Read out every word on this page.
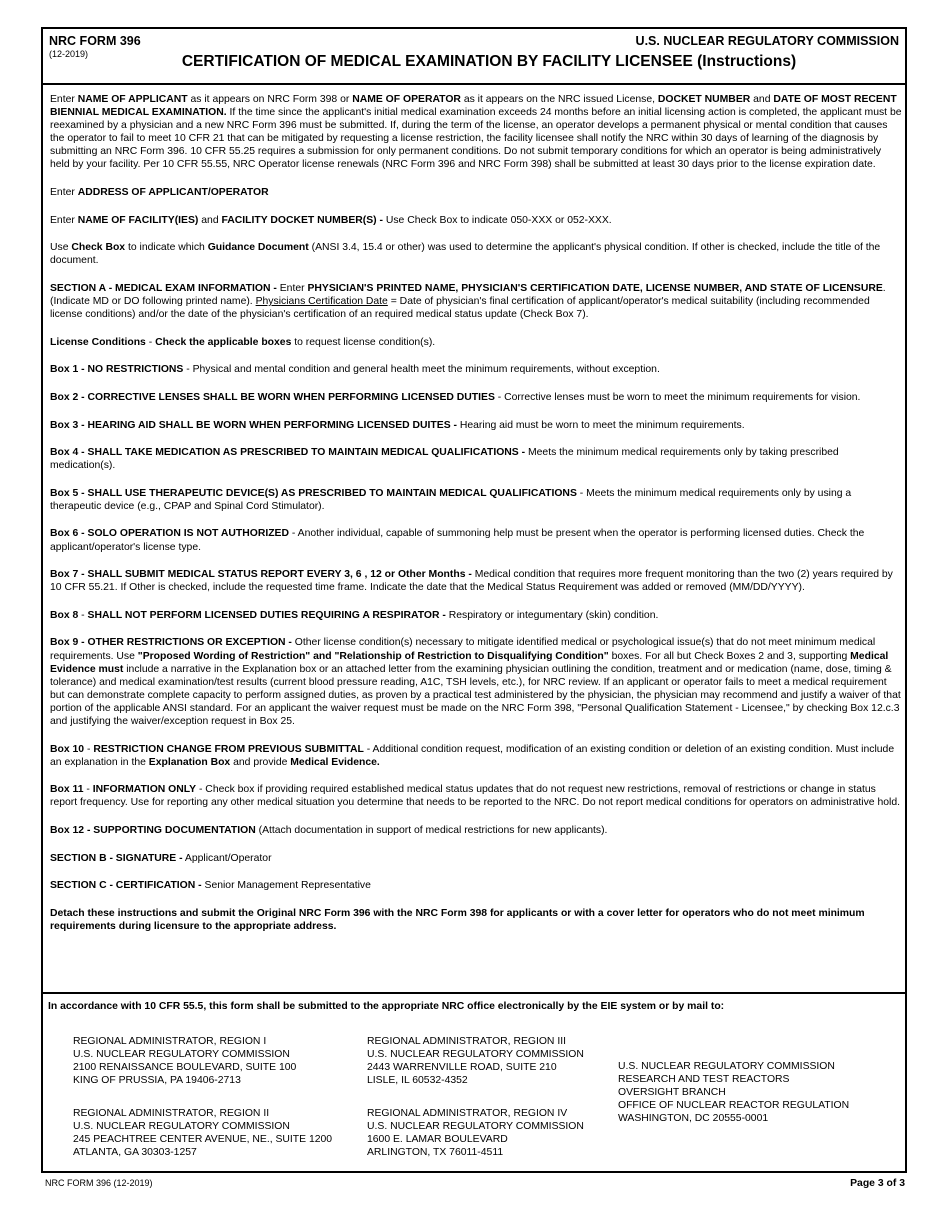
NRC FORM 396
(12-2019)
U.S. NUCLEAR REGULATORY COMMISSION
CERTIFICATION OF MEDICAL EXAMINATION BY FACILITY LICENSEE (Instructions)

Enter NAME OF APPLICANT as it appears on NRC Form 398 or NAME OF OPERATOR as it appears on the NRC issued License, DOCKET NUMBER and DATE OF MOST RECENT BIENNIAL MEDICAL EXAMINATION. If the time since the applicant's initial medical examination exceeds 24 months before an initial licensing action is completed, the applicant must be reexamined by a physician and a new NRC Form 396 must be submitted. If, during the term of the license, an operator develops a permanent physical or mental condition that causes the operator to fail to meet 10 CFR 21 that can be mitigated by requesting a license restriction, the facility licensee shall notify the NRC within 30 days of learning of the diagnosis by submitting an NRC Form 396. 10 CFR 55.25 requires a submission for only permanent conditions. Do not submit temporary conditions for which an operator is being administratively held by your facility. Per 10 CFR 55.55, NRC Operator license renewals (NRC Form 396 and NRC Form 398) shall be submitted at least 30 days prior to the license expiration date.

Enter ADDRESS OF APPLICANT/OPERATOR

Enter NAME OF FACILITY(IES) and FACILITY DOCKET NUMBER(S) - Use Check Box to indicate 050-XXX or 052-XXX.

Use Check Box to indicate which Guidance Document (ANSI 3.4, 15.4 or other) was used to determine the applicant's physical condition. If other is checked, include the title of the document.

SECTION A - MEDICAL EXAM INFORMATION - Enter PHYSICIAN'S PRINTED NAME, PHYSICIAN'S CERTIFICATION DATE, LICENSE NUMBER, AND STATE OF LICENSURE. (Indicate MD or DO following printed name). Physicians Certification Date = Date of physician's final certification of applicant/operator's medical suitability (including recommended license conditions) and/or the date of the physician's certification of an required medical status update (Check Box 7).

License Conditions - Check the applicable boxes to request license condition(s).

Box 1 - NO RESTRICTIONS - Physical and mental condition and general health meet the minimum requirements, without exception.

Box 2 - CORRECTIVE LENSES SHALL BE WORN WHEN PERFORMING LICENSED DUTIES - Corrective lenses must be worn to meet the minimum requirements for vision.

Box 3 - HEARING AID SHALL BE WORN WHEN PERFORMING LICENSED DUITES - Hearing aid must be worn to meet the minimum requirements.

Box 4 - SHALL TAKE MEDICATION AS PRESCRIBED TO MAINTAIN MEDICAL QUALIFICATIONS - Meets the minimum medical requirements only by taking prescribed medication(s).

Box 5 - SHALL USE THERAPEUTIC DEVICE(S) AS PRESCRIBED TO MAINTAIN MEDICAL QUALIFICATIONS - Meets the minimum medical requirements only by using a therapeutic device (e.g., CPAP and Spinal Cord Stimulator).

Box 6 - SOLO OPERATION IS NOT AUTHORIZED - Another individual, capable of summoning help must be present when the operator is performing licensed duties. Check the applicant/operator's license type.

Box 7 - SHALL SUBMIT MEDICAL STATUS REPORT EVERY 3, 6 , 12 or Other Months - Medical condition that requires more frequent monitoring than the two (2) years required by 10 CFR 55.21. If Other is checked, include the requested time frame. Indicate the date that the Medical Status Requirement was added or removed (MM/DD/YYYY).

Box 8 - SHALL NOT PERFORM LICENSED DUTIES REQUIRING A RESPIRATOR - Respiratory or integumentary (skin) condition.

Box 9 - OTHER RESTRICTIONS OR EXCEPTION - Other license condition(s) necessary to mitigate identified medical or psychological issue(s) that do not meet minimum medical requirements. Use "Proposed Wording of Restriction" and "Relationship of Restriction to Disqualifying Condition" boxes. For all but Check Boxes 2 and 3, supporting Medical Evidence must include a narrative in the Explanation box or an attached letter from the examining physician outlining the condition, treatment and or medication (name, dose, timing & tolerance) and medical examination/test results (current blood pressure reading, A1C, TSH levels, etc.), for NRC review. If an applicant or operator fails to meet a medical requirement but can demonstrate complete capacity to perform assigned duties, as proven by a practical test administered by the physician, the physician may recommend and justify a waiver of that portion of the applicable ANSI standard. For an applicant the waiver request must be made on the NRC Form 398, "Personal Qualification Statement - Licensee," by checking Box 12.c.3 and justifying the waiver/exception request in Box 25.

Box 10 - RESTRICTION CHANGE FROM PREVIOUS SUBMITTAL - Additional condition request, modification of an existing condition or deletion of an existing condition. Must include an explanation in the Explanation Box and provide Medical Evidence.

Box 11 - INFORMATION ONLY - Check box if providing required established medical status updates that do not request new restrictions, removal of restrictions or change in status report frequency. Use for reporting any other medical situation you determine that needs to be reported to the NRC. Do not report medical conditions for operators on administrative hold.

Box 12 - SUPPORTING DOCUMENTATION (Attach documentation in support of medical restrictions for new applicants).

SECTION B - SIGNATURE - Applicant/Operator

SECTION C - CERTIFICATION - Senior Management Representative

Detach these instructions and submit the Original NRC Form 396 with the NRC Form 398 for applicants or with a cover letter for operators who do not meet minimum requirements during licensure to the appropriate address.

In accordance with 10 CFR 55.5, this form shall be submitted to the appropriate NRC office electronically by the EIE system or by mail to:
REGIONAL ADMINISTRATOR, REGION I
U.S. NUCLEAR REGULATORY COMMISSION
2100 RENAISSANCE BOULEVARD, SUITE 100
KING OF PRUSSIA, PA 19406-2713
REGIONAL ADMINISTRATOR, REGION II
U.S. NUCLEAR REGULATORY COMMISSION
245 PEACHTREE CENTER AVENUE, NE., SUITE 1200
ATLANTA, GA 30303-1257
REGIONAL ADMINISTRATOR, REGION III
U.S. NUCLEAR REGULATORY COMMISSION
2443 WARRENVILLE ROAD, SUITE 210
LISLE, IL 60532-4352
REGIONAL ADMINISTRATOR, REGION IV
U.S. NUCLEAR REGULATORY COMMISSION
1600 E. LAMAR BOULEVARD
ARLINGTON, TX 76011-4511
U.S. NUCLEAR REGULATORY COMMISSION
RESEARCH AND TEST REACTORS
OVERSIGHT BRANCH
OFFICE OF NUCLEAR REACTOR REGULATION
WASHINGTON, DC 20555-0001
NRC FORM 396 (12-2019)	Page 3 of 3
